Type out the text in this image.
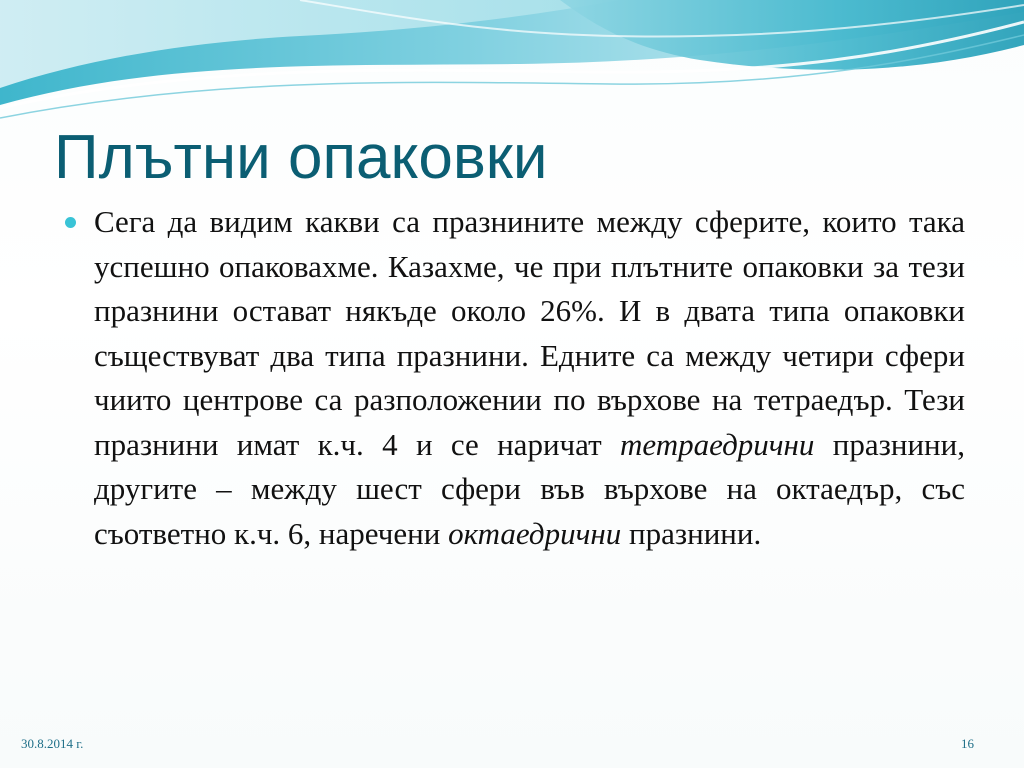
Плътни опаковки

Сега да видим какви са празнините между сферите, които така успешно опаковахме. Казахме, че при плътните опаковки за тези празнини остават някъде около 26%. И в двата типа опаковки съществуват два типа празнини. Едните са между четири сфери чиито центрове са разположении по върхове на тетраедър. Тези празнини имат к.ч. 4 и се наричат тетраедрични празнини, другите – между шест сфери във върхове на октаедър, със съответно к.ч. 6, наречени октаедрични празнини.

30.8.2014 г.	16
